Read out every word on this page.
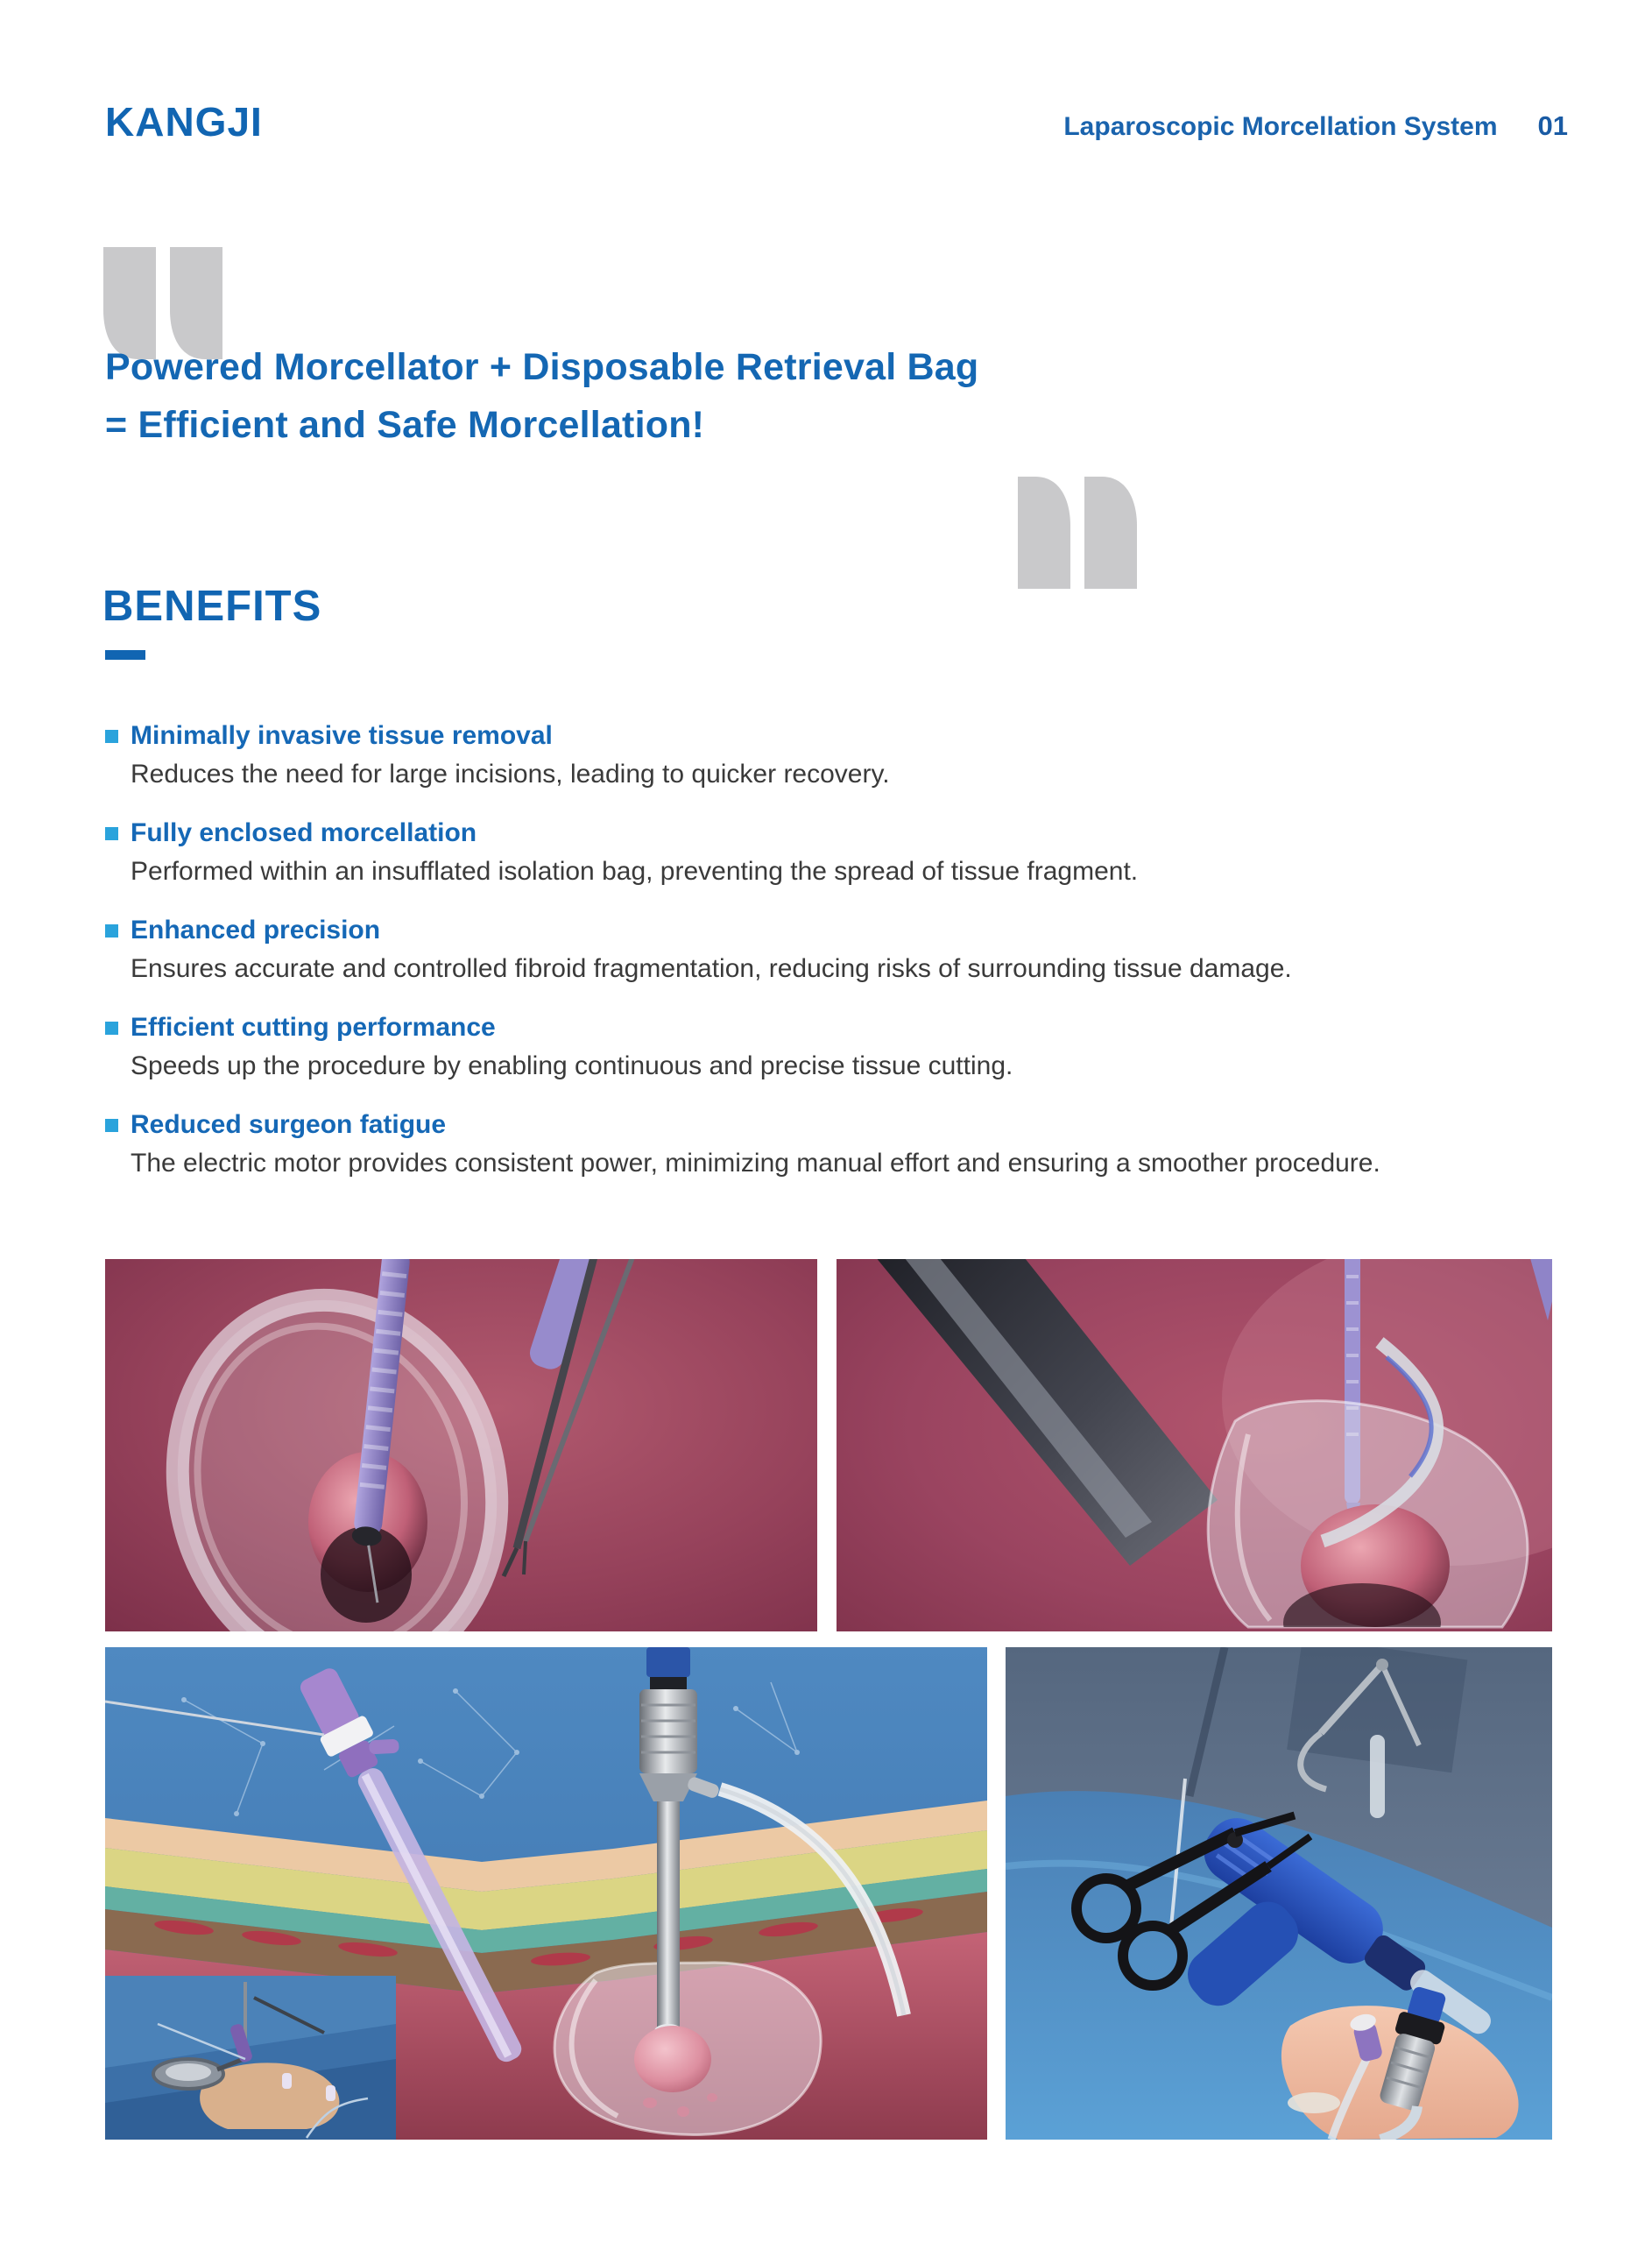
KANGJI	Laparoscopic Morcellation System 01
Powered Morcellator + Disposable Retrieval Bag
= Efficient and Safe Morcellation!
BENEFITS
Minimally invasive tissue removal
Reduces the need for large incisions, leading to quicker recovery.
Fully enclosed morcellation
Performed within an insufflated isolation bag, preventing the spread of tissue fragment.
Enhanced precision
Ensures accurate and controlled fibroid fragmentation, reducing risks of surrounding tissue damage.
Efficient cutting performance
Speeds up the procedure by enabling continuous and precise tissue cutting.
Reduced surgeon fatigue
The electric motor provides consistent power, minimizing manual effort and ensuring a smoother procedure.
